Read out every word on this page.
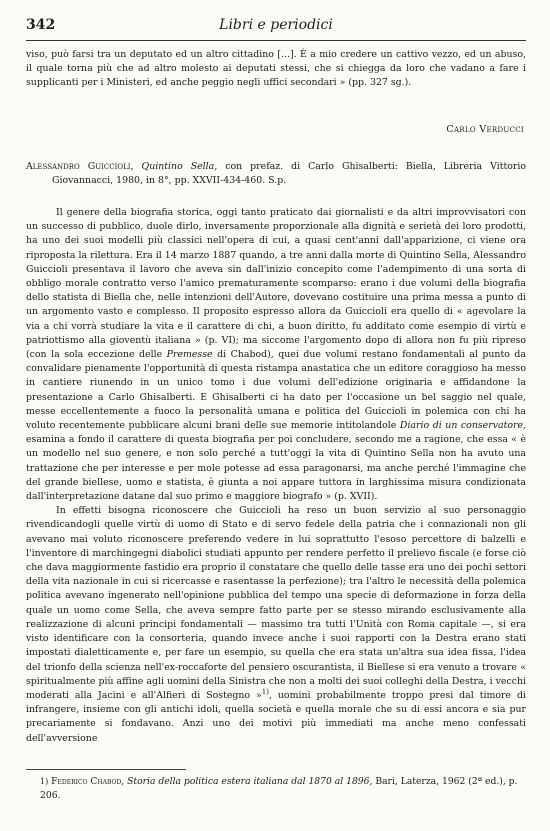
342	Libri e periodici

viso, può farsi tra un deputato ed un altro cittadino [...]. È a mio credere un cattivo vezzo, ed un abuso, il quale torna più che ad altro molesto ai deputati stessi, che si chiegga da loro che vadano a fare i supplicanti per i Ministeri, ed anche peggio negli uffici secondari » (pp. 327 sg.).

Carlo Verducci

Alessandro Guiccioli, Quintino Sella, con prefaz. di Carlo Ghisalberti: Biella, Libreria Vittorio Giovannacci, 1980, in 8°, pp. XXVII-434-460. S.p.

Il genere della biografia storica, oggi tanto praticato dai giornalisti e da altri improvvisatori con un successo di pubblico, duole dirlo, inversamente proporzionale alla dignità e serietà dei loro prodotti, ha uno dei suoi modelli più classici nell'opera di cui, a quasi cent'anni dall'apparizione, ci viene ora riproposta la rilettura. Era il 14 marzo 1887 quando, a tre anni dalla morte di Quintino Sella, Alessandro Guiccioli presentava il lavoro che aveva sin dall'inizio concepito come l'adempimento di una sorta di obbligo morale contratto verso l'amico prematuramente scomparso: erano i due volumi della biografia dello statista di Biella che, nelle intenzioni dell'Autore, dovevano costituire una prima messa a punto di un argomento vasto e complesso. Il proposito espresso allora da Guiccioli era quello di « agevolare la via a chi vorrà studiare la vita e il carattere di chi, a buon diritto, fu additato come esempio di virtù e patriottismo alla gioventù italiana » (p. VI); ma siccome l'argomento dopo di allora non fu più ripreso (con la sola eccezione delle Premesse di Chabod), quei due volumi restano fondamentali al punto da convalidare pienamente l'opportunità di questa ristampa anastatica che un editore coraggioso ha messo in cantiere riunendo in un unico tomo i due volumi dell'edizione originaria e affidandone la presentazione a Carlo Ghisalberti. E Ghisalberti ci ha dato per l'occasione un bel saggio nel quale, messe eccellentemente a fuoco la personalità umana e politica del Guiccioli in polemica con chi ha voluto recentemente pubblicare alcuni brani delle sue memorie intitolandole Diario di un conservatore, esamina a fondo il carattere di questa biografia per poi concludere, secondo me a ragione, che essa « è un modello nel suo genere, e non solo perché a tutt'oggi la vita di Quintino Sella non ha avuto una trattazione che per interesse e per mole potesse ad essa paragonarsi, ma anche perché l'immagine che del grande biellese, uomo e statista, è giunta a noi appare tuttora in larghissima misura condizionata dall'interpretazione datane dal suo primo e maggiore biografo » (p. XVII).

In effetti bisogna riconoscere che Guiccioli ha reso un buon servizio al suo personaggio rivendicandogli quelle virtù di uomo di Stato e di servo fedele della patria che i connazionali non gli avevano mai voluto riconoscere preferendo vedere in lui soprattutto l'esoso percettore di balzelli e l'inventore di marchingegni diabolici studiati appunto per rendere perfetto il prelievo fiscale (e forse ciò che dava maggiormente fastidio era proprio il constatare che quello delle tasse era uno dei pochi settori della vita nazionale in cui si ricercasse e rasentasse la perfezione); tra l'altro le necessità della polemica politica avevano ingenerato nell'opinione pubblica del tempo una specie di deformazione in forza della quale un uomo come Sella, che aveva sempre fatto parte per se stesso mirando esclusivamente alla realizzazione di alcuni principi fondamentali — massimo tra tutti l'Unità con Roma capitale —, si era visto identificare con la consorteria, quando invece anche i suoi rapporti con la Destra erano stati impostati dialetticamente e, per fare un esempio, su quella che era stata un'altra sua idea fissa, l'idea del trionfo della scienza nell'ex-roccaforte del pensiero oscurantista, il Biellese si era venuto a trovare « spiritualmente più affine agli uomini della Sinistra che non a molti dei suoi colleghi della Destra, i vecchi moderati alla Jacini e all'Alfieri di Sostegno »$^{1)}$, uomini probabilmente troppo presi dal timore di infrangere, insieme con gli antichi idoli, quella società e quella morale che su di essi ancora e sia pur precariamente si fondavano. Anzi uno dei motivi più immediati ma anche meno confessati dell'avversione

1) Federico Chabod, Storia della politica estera italiana dal 1870 al 1896, Bari, Laterza, 1962 (2ª ed.), p. 206.
